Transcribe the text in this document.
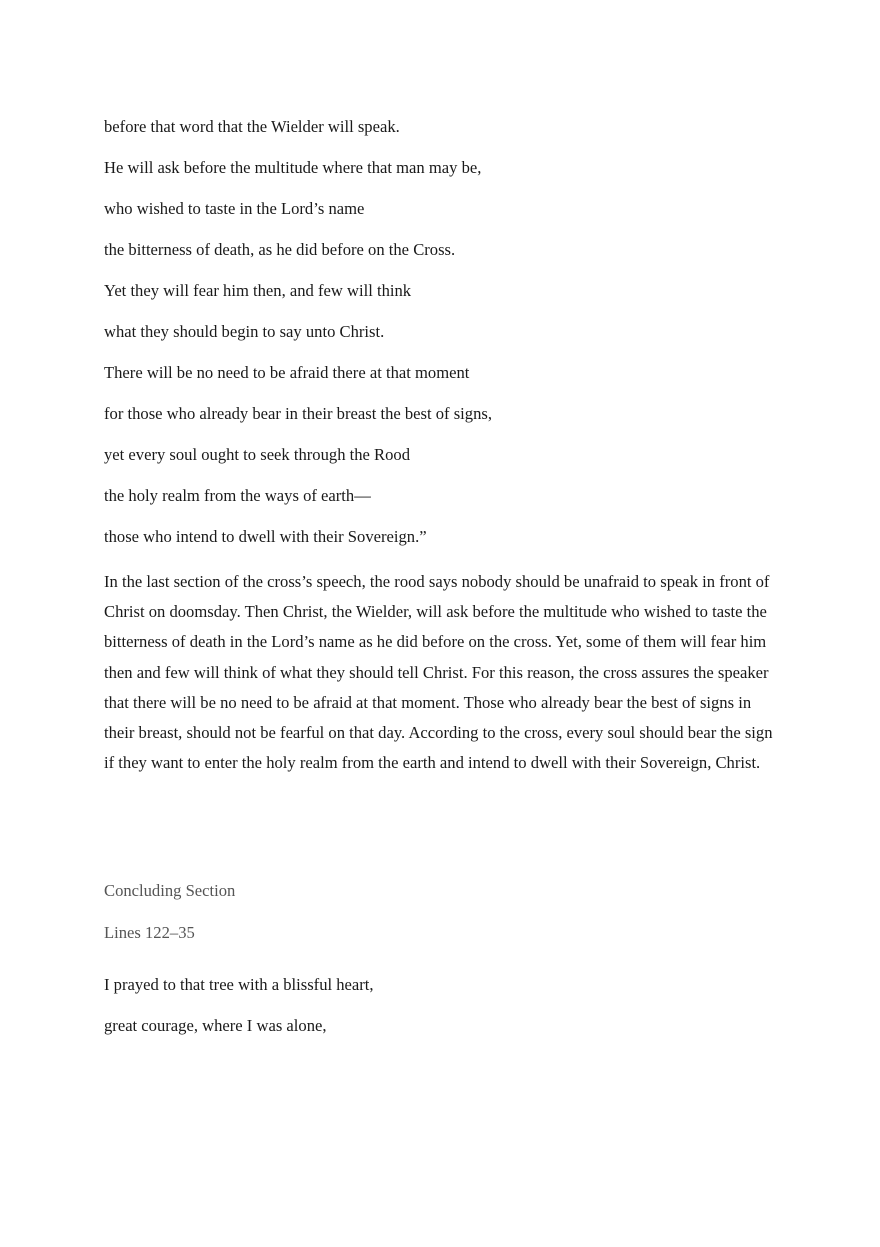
before that word that the Wielder will speak.
He will ask before the multitude where that man may be,
who wished to taste in the Lord’s name
the bitterness of death, as he did before on the Cross.
Yet they will fear him then, and few will think
what they should begin to say unto Christ.
There will be no need to be afraid there at that moment
for those who already bear in their breast the best of signs,
yet every soul ought to seek through the Rood
the holy realm from the ways of earth—
those who intend to dwell with their Sovereign.”

In the last section of the cross’s speech, the rood says nobody should be unafraid to speak in front of Christ on doomsday. Then Christ, the Wielder, will ask before the multitude who wished to taste the bitterness of death in the Lord’s name as he did before on the cross. Yet, some of them will fear him then and few will think of what they should tell Christ. For this reason, the cross assures the speaker that there will be no need to be afraid at that moment. Those who already bear the best of signs in their breast, should not be fearful on that day. According to the cross, every soul should bear the sign if they want to enter the holy realm from the earth and intend to dwell with their Sovereign, Christ.

Concluding Section
Lines 122–35
I prayed to that tree with a blissful heart,
great courage, where I was alone,
